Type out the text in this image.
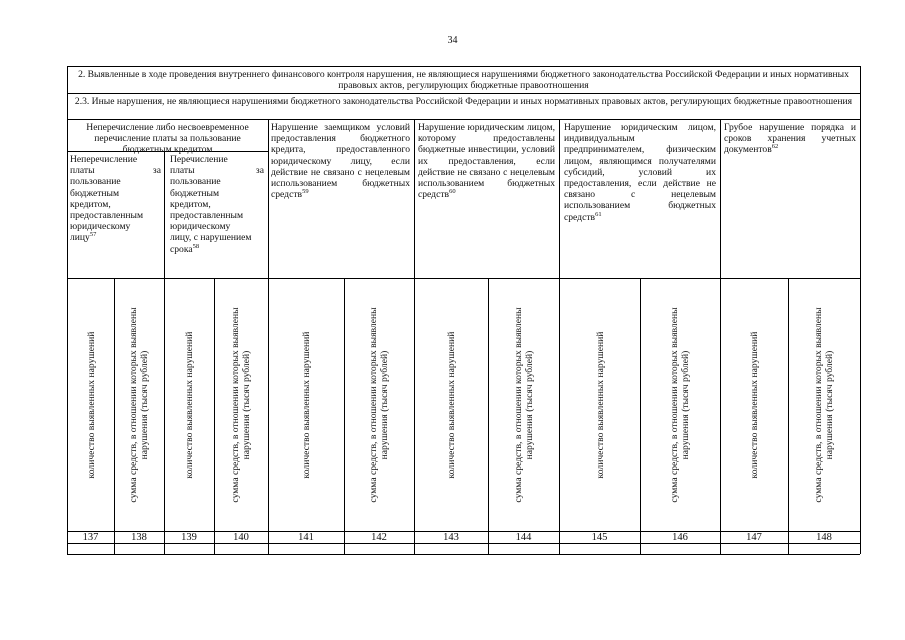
34
2. Выявленные в ходе проведения внутреннего финансового контроля нарушения, не являющиеся нарушениями бюджетного законодательства Российской Федерации и иных нормативных правовых актов, регулирующих бюджетные правоотношения
2.3. Иные нарушения, не являющиеся нарушениями бюджетного законодательства Российской Федерации и иных нормативных правовых актов, регулирующих бюджетные правоотношения
Неперечисление либо несвоевременное перечисление платы за пользование бюджетным кредитом
Неперечисление
платы за
пользование
бюджетным
кредитом,
предоставленным
юридическому
лицу$^{57}$
Перечисление
платы за
пользование
бюджетным
кредитом,
предоставленным
юридическому
лицу, с нарушением
срока$^{58}$
Нарушение заемщиком условий предоставления бюджетного кредита, предоставленного юридическому лицу, если действие не связано с нецелевым использованием бюджетных средств$^{59}$
Нарушение юридическим лицом, которому предоставлены бюджетные инвестиции, условий их предоставления, если действие не связано с нецелевым использованием бюджетных средств$^{60}$
Нарушение юридическим лицом, индивидуальным предпринимателем, физическим лицом, являющимся получателями субсидий, условий их предоставления, если действие не связано с нецелевым использованием бюджетных средств$^{61}$
Грубое нарушение порядка и сроков хранения учетных документов$^{62}$
количество выявленных нарушений	сумма средств, в отношении которых выявлены нарушения (тысяч рублей)	количество выявленных нарушений	сумма средств, в отношении которых выявлены нарушения (тысяч рублей)	количество выявленных нарушений	сумма средств, в отношении которых выявлены нарушения (тысяч рублей)	количество выявленных нарушений	сумма средств, в отношении которых выявлены нарушения (тысяч рублей)	количество выявленных нарушений	сумма средств, в отношении которых выявлены нарушения (тысяч рублей)	количество выявленных нарушений	сумма средств, в отношении которых выявлены нарушения (тысяч рублей)
137	138	139	140	141	142	143	144	145	146	147	148
